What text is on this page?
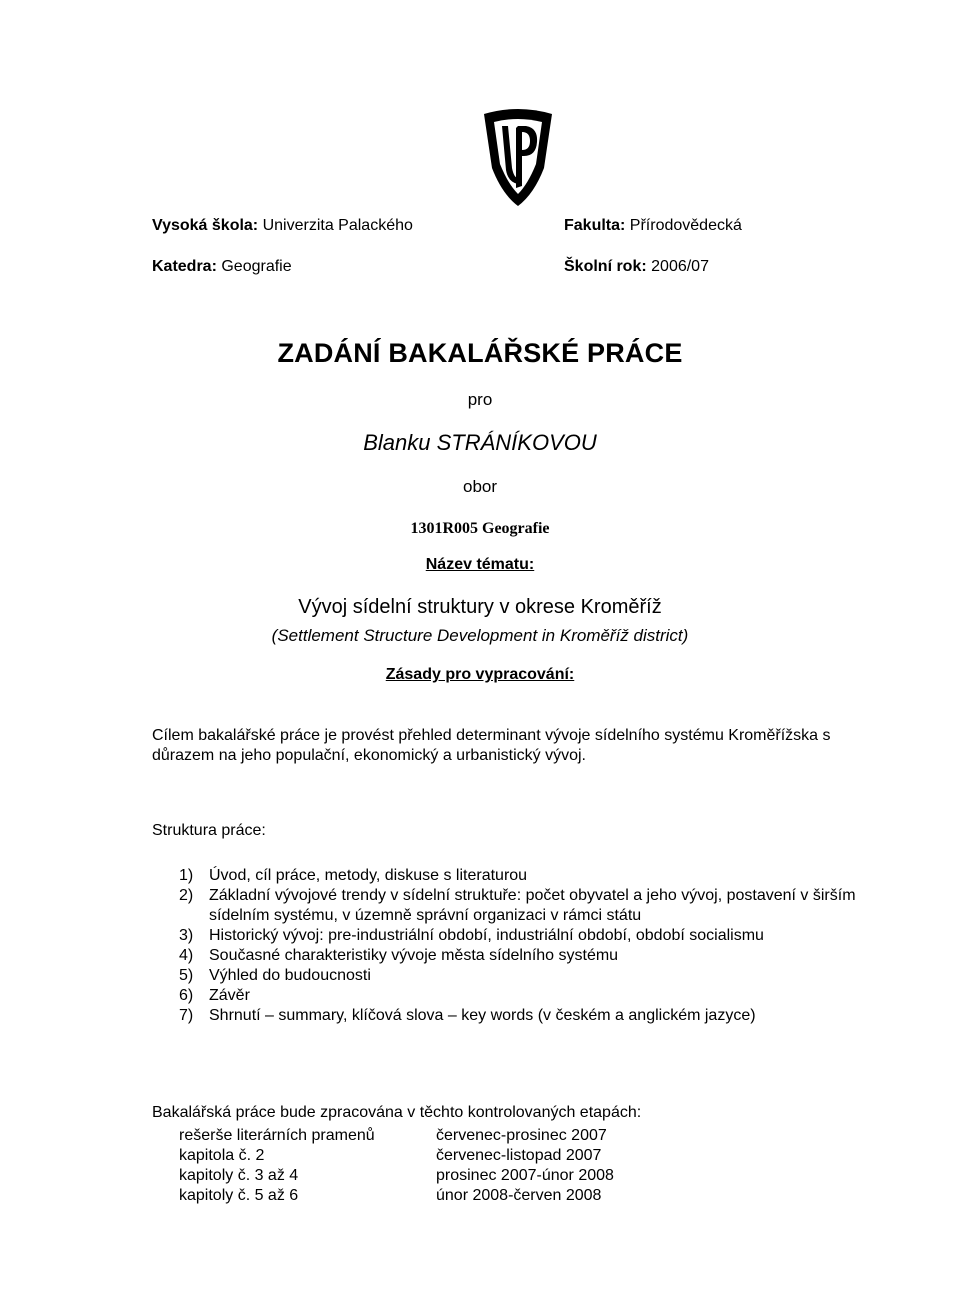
Vysoká škola: Univerzita Palackého	Fakulta: Přírodovědecká
Katedra: Geografie	Školní rok: 2006/07
ZADÁNÍ BAKALÁŘSKÉ PRÁCE
pro
Blanku STRÁNÍKOVOU
obor
1301R005 Geografie
Název tématu:
Vývoj sídelní struktury v okrese Kroměříž
(Settlement Structure Development in Kroměříž district)
Zásady pro vypracování:
Cílem bakalářské práce je provést přehled determinant vývoje sídelního systému Kroměřížska s důrazem na jeho populační, ekonomický a urbanistický vývoj.
Struktura práce:
1) Úvod, cíl práce, metody, diskuse s literaturou
2) Základní vývojové trendy v sídelní struktuře: počet obyvatel a jeho vývoj, postavení v širším sídelním systému, v územně správní organizaci v rámci státu
3) Historický vývoj: pre-industriální období, industriální období, období socialismu
4) Současné charakteristiky vývoje města sídelního systému
5) Výhled do budoucnosti
6) Závěr
7) Shrnutí – summary, klíčová slova – key words (v českém a anglickém jazyce)
Bakalářská práce bude zpracována v těchto kontrolovaných etapách:
rešerše literárních pramenů	červenec-prosinec 2007
kapitola č. 2	červenec-listopad 2007
kapitoly č. 3 až 4	prosinec 2007-únor 2008
kapitoly č. 5 až 6	únor 2008-červen 2008
